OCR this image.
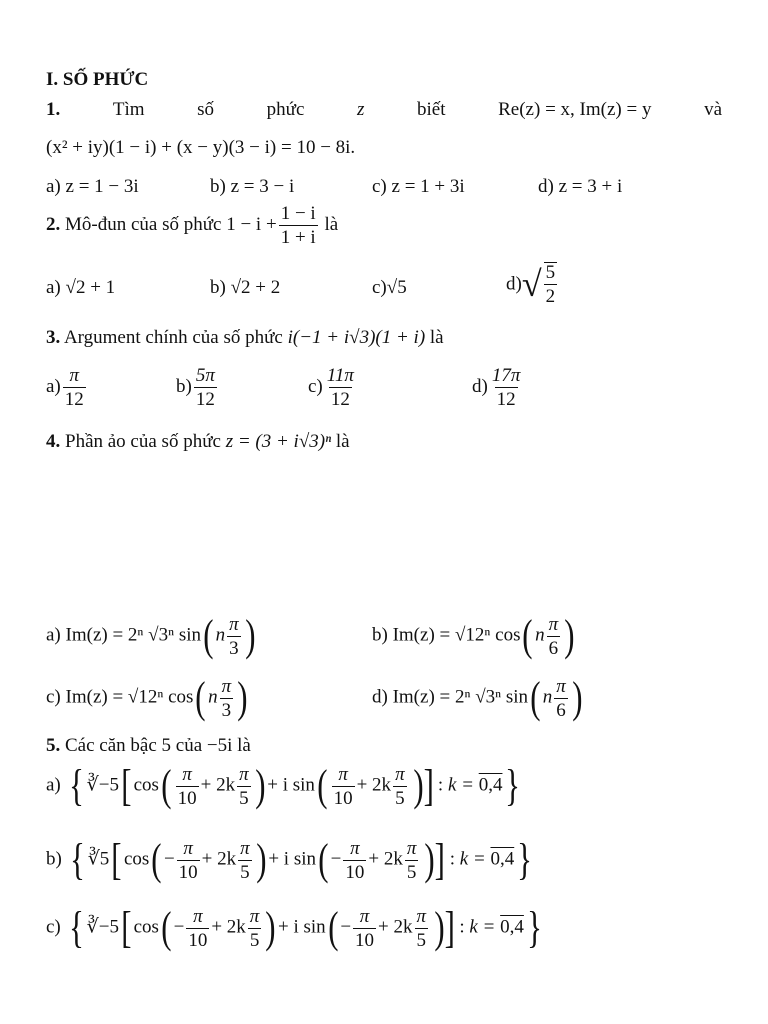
I. SỐ PHỨC
1.	Tìm	số	phức	z	biết	Re(z) = x, Im(z) = y	và
(x² + iy)(1 − i) + (x − y)(3 − i) = 10 − 8i.
a) z = 1 − 3i	b) z = 3 − i	c) z = 1 + 3i	d) z = 3 + i
2. Mô-đun của số phức $1 - i + \frac{1 - i}{1 + i}$ là
a) √2 + 1	b) √2 + 2	c)√5	$d)√ \frac{5}{2}$
3. Argument chính của số phức i(−1 + i√3)(1 + i) là
$a) \frac{\pi}{12}$	$b) \frac{5\pi}{12}$	$c) \frac{11\pi}{12}$	$d) \frac{17\pi}{12}$
4. Phần ảo của số phức z = (3 + i√3)ⁿ là
a) Im(z) = 2ⁿ √3ⁿ sin( n $\frac{\pi}{3}$ )	b) Im(z) = √12ⁿ cos( n $\frac{\pi}{6}$ )
c) Im(z) = √12ⁿ cos( n $\frac{\pi}{3}$ )	d) Im(z) = 2ⁿ √3ⁿ sin( n $\frac{\pi}{6}$ )
5. Các căn bậc 5 của −5i là
a) { ∛−5[ $\cos( \frac{\pi}{10} + 2k \frac{\pi}{5}$ ) + i $\sin( \frac{\pi}{10} + 2k \frac{\pi}{5}$ )] : k = 0,4}
b) { ∛5[ $\cos( - \frac{\pi}{10} + 2k \frac{\pi}{5}$ ) + i $\sin( - \frac{\pi}{10} + 2k \frac{\pi}{5}$ )] : k = 0,4}
c) { ∛−5[ $\cos( - \frac{\pi}{10} + 2k \frac{\pi}{5}$ ) + i $\sin( - \frac{\pi}{10} + 2k \frac{\pi}{5}$ )] : k = 0,4}
